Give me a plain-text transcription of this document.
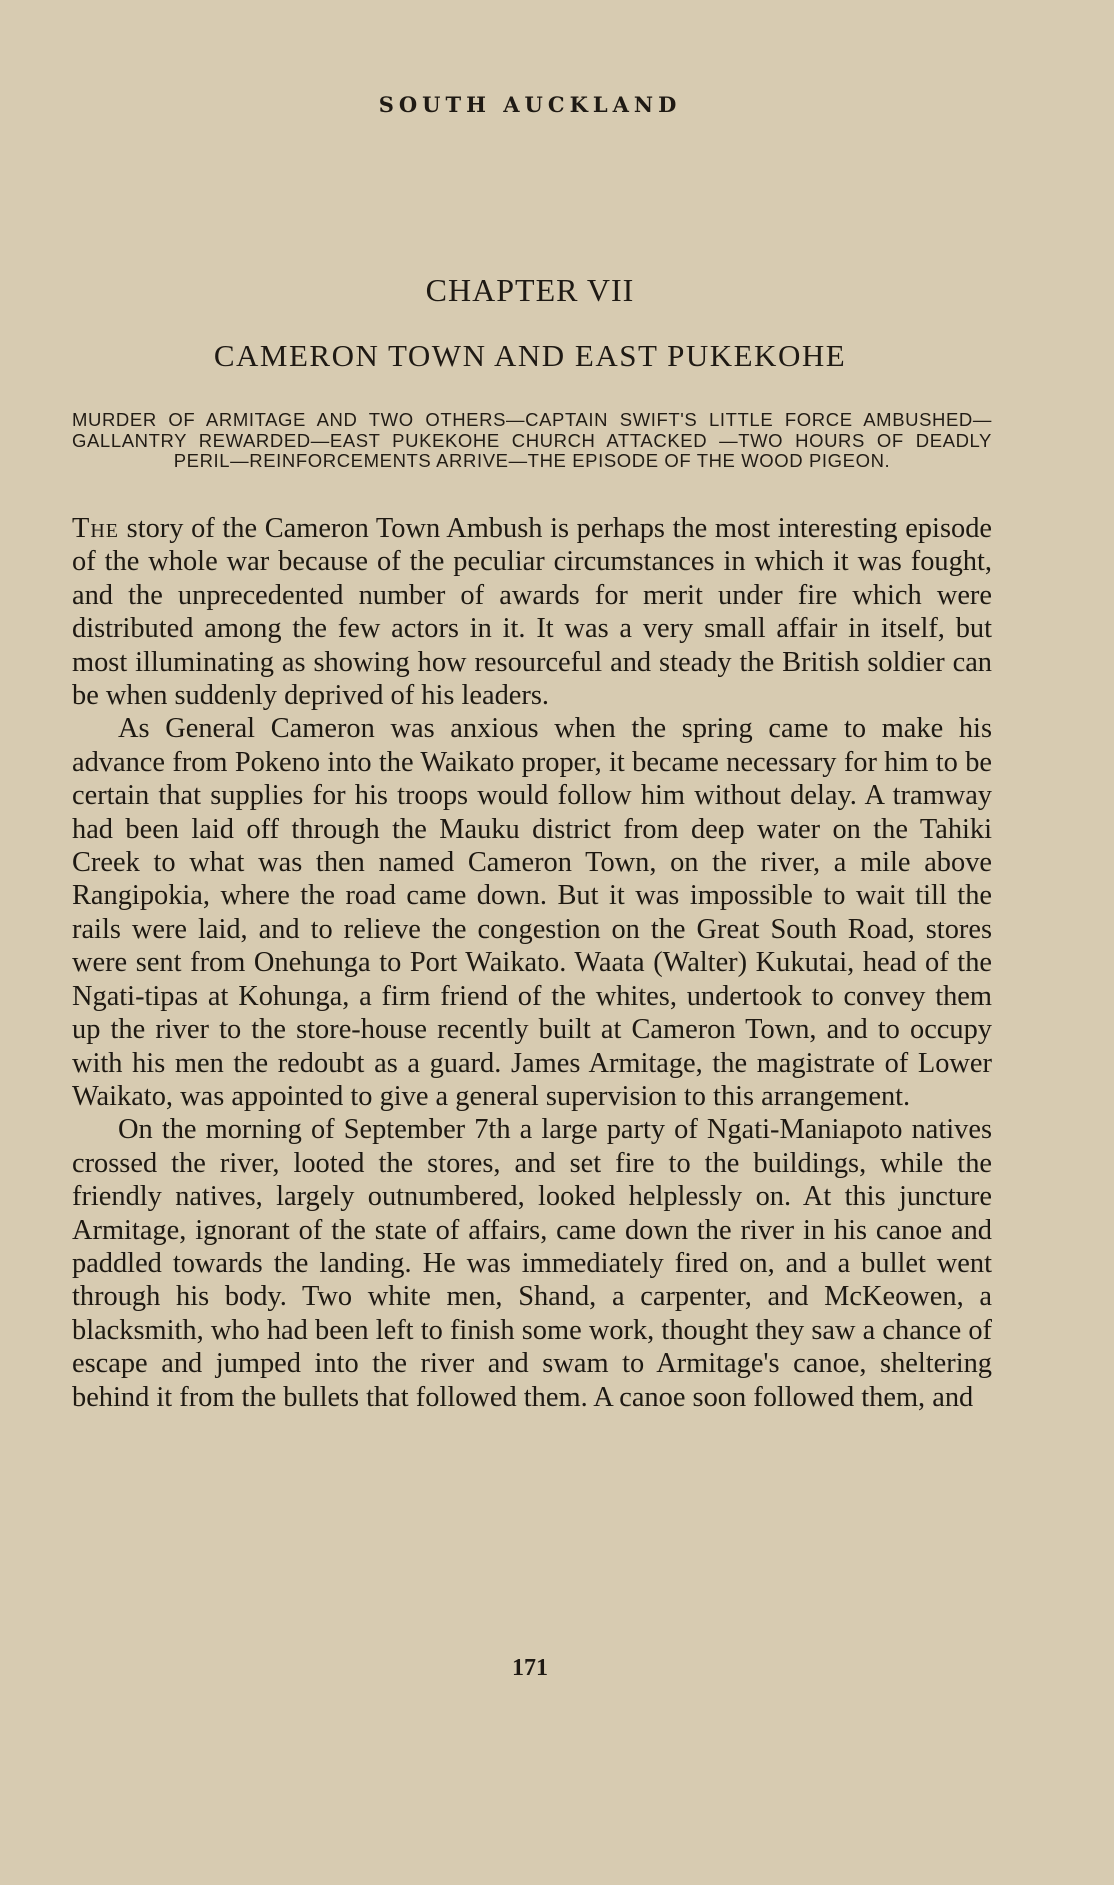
SOUTH AUCKLAND
CHAPTER VII
CAMERON TOWN AND EAST PUKEKOHE
MURDER OF ARMITAGE AND TWO OTHERS—CAPTAIN SWIFT'S LITTLE FORCE AMBUSHED—GALLANTRY REWARDED—EAST PUKEKOHE CHURCH ATTACKED —TWO HOURS OF DEADLY PERIL—REINFORCEMENTS ARRIVE—THE EPISODE OF THE WOOD PIGEON.

The story of the Cameron Town Ambush is perhaps the most interesting episode of the whole war because of the peculiar circumstances in which it was fought, and the unprecedented number of awards for merit under fire which were distributed among the few actors in it. It was a very small affair in itself, but most illuminating as showing how resourceful and steady the British soldier can be when suddenly deprived of his leaders.

As General Cameron was anxious when the spring came to make his advance from Pokeno into the Waikato proper, it became necessary for him to be certain that supplies for his troops would follow him without delay. A tramway had been laid off through the Mauku district from deep water on the Tahiki Creek to what was then named Cameron Town, on the river, a mile above Rangipokia, where the road came down. But it was impossible to wait till the rails were laid, and to relieve the congestion on the Great South Road, stores were sent from Onehunga to Port Waikato. Waata (Walter) Kukutai, head of the Ngati-tipas at Kohunga, a firm friend of the whites, undertook to convey them up the river to the store-house recently built at Cameron Town, and to occupy with his men the redoubt as a guard. James Armitage, the magistrate of Lower Waikato, was appointed to give a general supervision to this arrangement.

On the morning of September 7th a large party of Ngati-Maniapoto natives crossed the river, looted the stores, and set fire to the buildings, while the friendly natives, largely outnumbered, looked helplessly on. At this juncture Armitage, ignorant of the state of affairs, came down the river in his canoe and paddled towards the landing. He was immediately fired on, and a bullet went through his body. Two white men, Shand, a carpenter, and McKeowen, a blacksmith, who had been left to finish some work, thought they saw a chance of escape and jumped into the river and swam to Armitage's canoe, sheltering behind it from the bullets that followed them. A canoe soon followed them, and

171
